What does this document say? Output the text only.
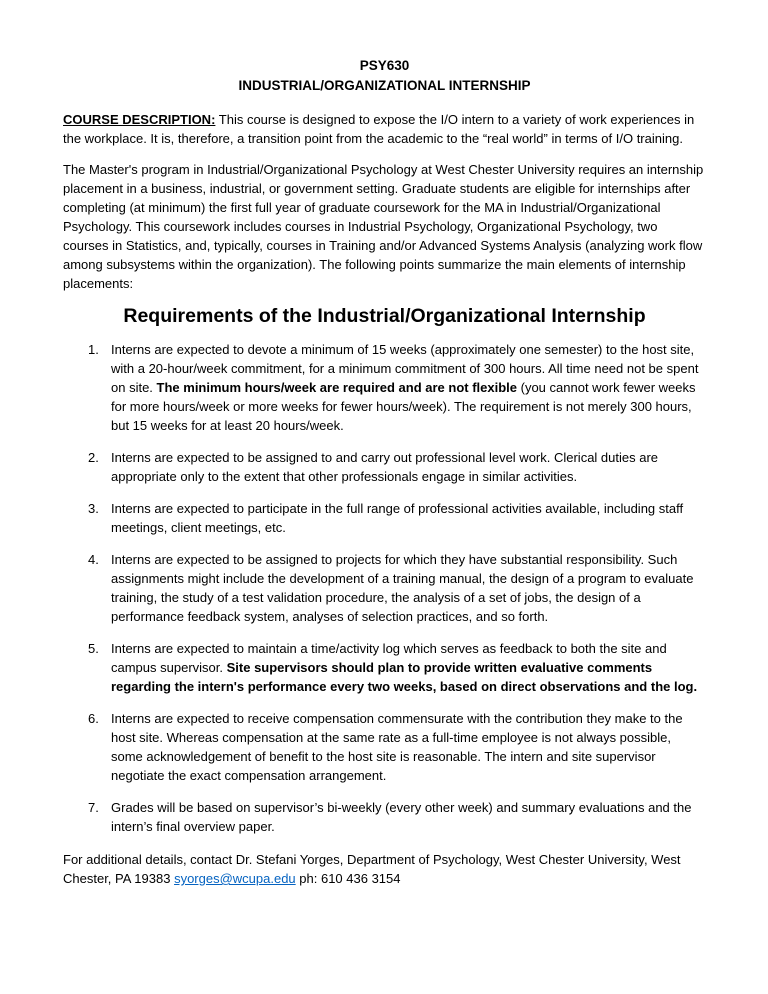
PSY630
INDUSTRIAL/ORGANIZATIONAL INTERNSHIP

COURSE DESCRIPTION: This course is designed to expose the I/O intern to a variety of work experiences in the workplace. It is, therefore, a transition point from the academic to the “real world” in terms of I/O training.

The Master's program in Industrial/Organizational Psychology at West Chester University requires an internship placement in a business, industrial, or government setting. Graduate students are eligible for internships after completing (at minimum) the first full year of graduate coursework for the MA in Industrial/Organizational Psychology. This coursework includes courses in Industrial Psychology, Organizational Psychology, two courses in Statistics, and, typically, courses in Training and/or Advanced Systems Analysis (analyzing work flow among subsystems within the organization). The following points summarize the main elements of internship placements:

Requirements of the Industrial/Organizational Internship
1. Interns are expected to devote a minimum of 15 weeks (approximately one semester) to the host site, with a 20-hour/week commitment, for a minimum commitment of 300 hours. All time need not be spent on site. The minimum hours/week are required and are not flexible (you cannot work fewer weeks for more hours/week or more weeks for fewer hours/week). The requirement is not merely 300 hours, but 15 weeks for at least 20 hours/week.
2. Interns are expected to be assigned to and carry out professional level work. Clerical duties are appropriate only to the extent that other professionals engage in similar activities.
3. Interns are expected to participate in the full range of professional activities available, including staff meetings, client meetings, etc.
4. Interns are expected to be assigned to projects for which they have substantial responsibility. Such assignments might include the development of a training manual, the design of a program to evaluate training, the study of a test validation procedure, the analysis of a set of jobs, the design of a performance feedback system, analyses of selection practices, and so forth.
5. Interns are expected to maintain a time/activity log which serves as feedback to both the site and campus supervisor. Site supervisors should plan to provide written evaluative comments regarding the intern's performance every two weeks, based on direct observations and the log.
6. Interns are expected to receive compensation commensurate with the contribution they make to the host site. Whereas compensation at the same rate as a full-time employee is not always possible, some acknowledgement of benefit to the host site is reasonable. The intern and site supervisor negotiate the exact compensation arrangement.
7. Grades will be based on supervisor’s bi-weekly (every other week) and summary evaluations and the intern’s final overview paper.

For additional details, contact Dr. Stefani Yorges, Department of Psychology, West Chester University, West Chester, PA 19383 syorges@wcupa.edu ph: 610 436 3154
